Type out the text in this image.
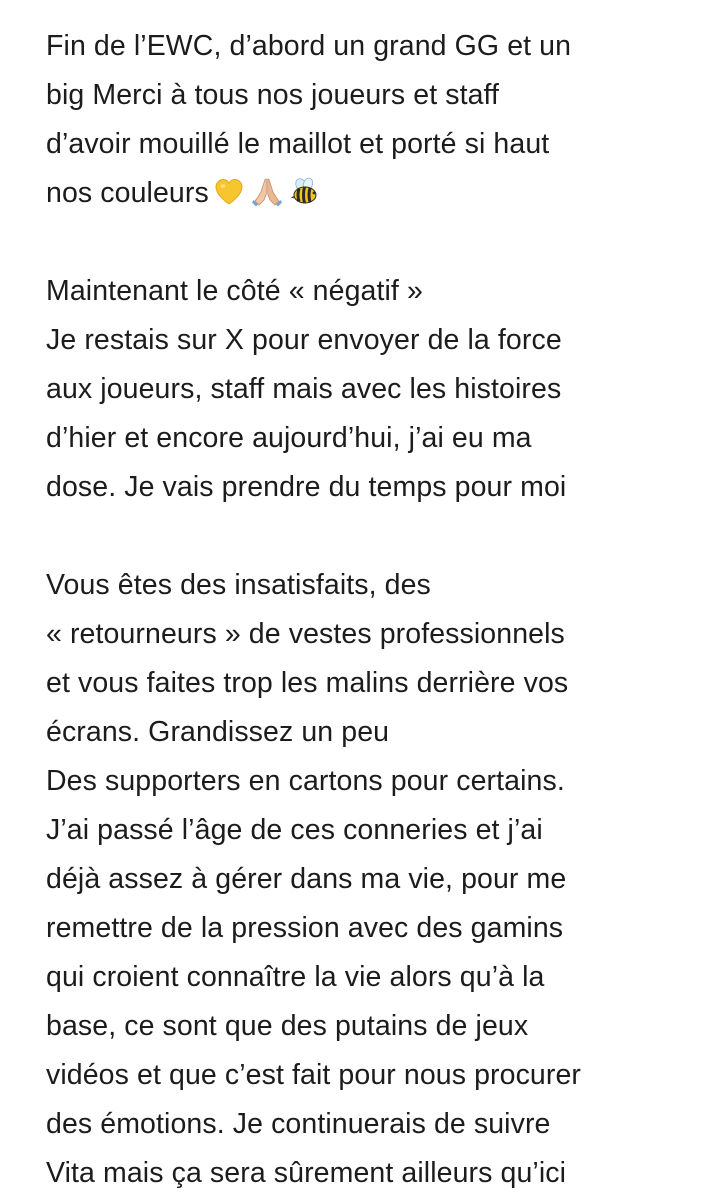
Fin de l’EWC, d’abord un grand GG et un
big Merci à tous nos joueurs et staff
d’avoir mouillé le maillot et porté si haut
nos couleurs
Maintenant le côté « négatif »
Je restais sur X pour envoyer de la force
aux joueurs, staff mais avec les histoires
d’hier et encore aujourd’hui, j’ai eu ma
dose. Je vais prendre du temps pour moi
Vous êtes des insatisfaits, des
« retourneurs » de vestes professionnels
et vous faites trop les malins derrière vos
écrans. Grandissez un peu
Des supporters en cartons pour certains.
J’ai passé l’âge de ces conneries et j’ai
déjà assez à gérer dans ma vie, pour me
remettre de la pression avec des gamins
qui croient connaître la vie alors qu’à la
base, ce sont que des putains de jeux
vidéos et que c’est fait pour nous procurer
des émotions. Je continuerais de suivre
Vita mais ça sera sûrement ailleurs qu’ici
